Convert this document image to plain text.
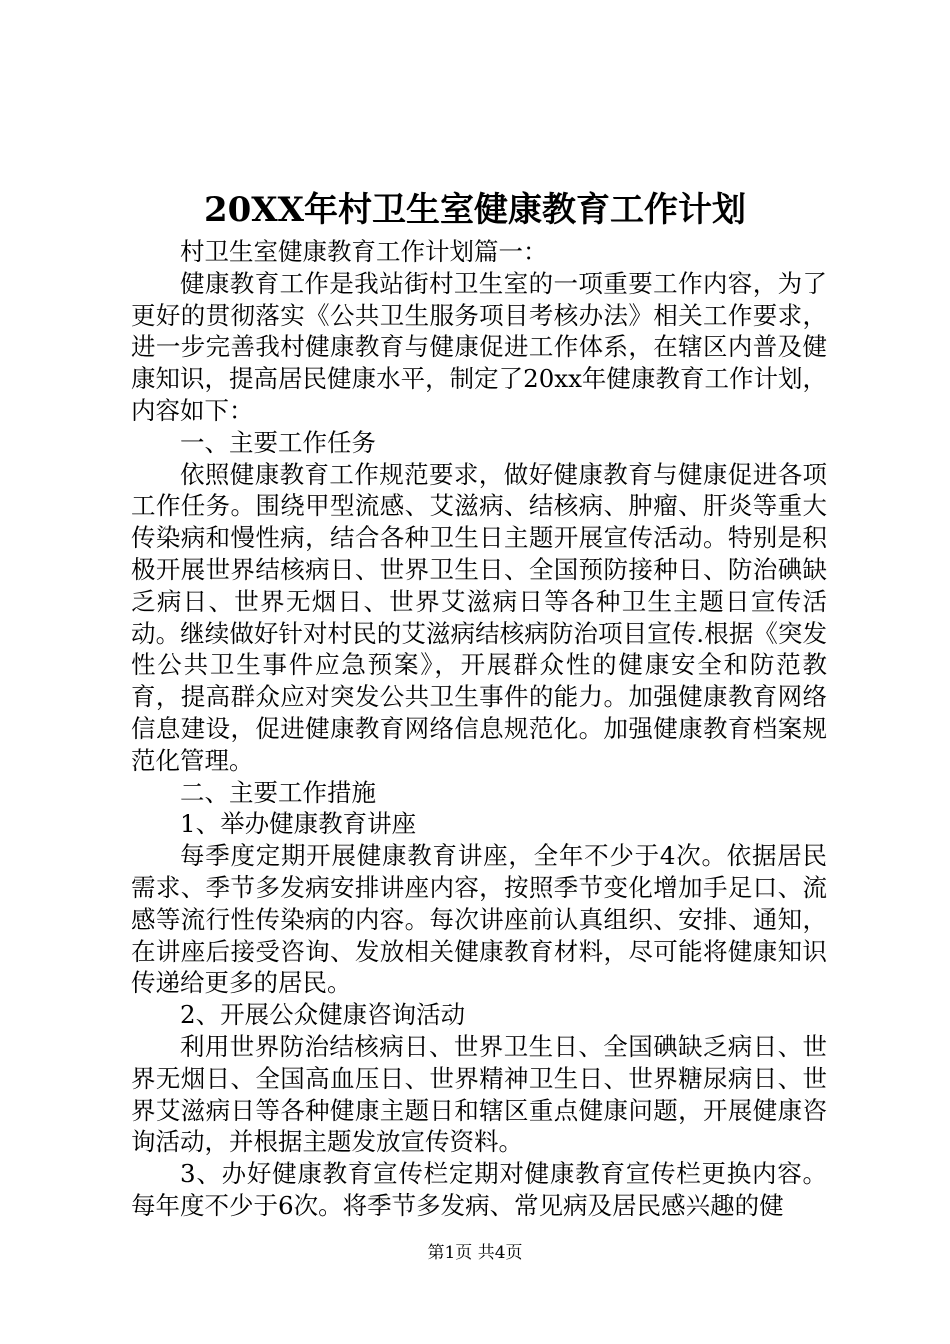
20XX年村卫生室健康教育工作计划

村卫生室健康教育工作计划篇一：

健康教育工作是我站街村卫生室的一项重要工作内容，为了更好的贯彻落实《公共卫生服务项目考核办法》相关工作要求，进一步完善我村健康教育与健康促进工作体系，在辖区内普及健康知识，提高居民健康水平，制定了20xx年健康教育工作计划，内容如下：

一、主要工作任务

依照健康教育工作规范要求，做好健康教育与健康促进各项工作任务。围绕甲型流感、艾滋病、结核病、肿瘤、肝炎等重大传染病和慢性病，结合各种卫生日主题开展宣传活动。特别是积极开展世界结核病日、世界卫生日、全国预防接种日、防治碘缺乏病日、世界无烟日、世界艾滋病日等各种卫生主题日宣传活动。继续做好针对村民的艾滋病结核病防治项目宣传.根据《突发性公共卫生事件应急预案》，开展群众性的健康安全和防范教育，提高群众应对突发公共卫生事件的能力。加强健康教育网络信息建设，促进健康教育网络信息规范化。加强健康教育档案规范化管理。

二、主要工作措施

1、举办健康教育讲座

每季度定期开展健康教育讲座，全年不少于4次。依据居民需求、季节多发病安排讲座内容，按照季节变化增加手足口、流感等流行性传染病的内容。每次讲座前认真组织、安排、通知，在讲座后接受咨询、发放相关健康教育材料，尽可能将健康知识传递给更多的居民。

2、开展公众健康咨询活动

利用世界防治结核病日、世界卫生日、全国碘缺乏病日、世界无烟日、全国高血压日、世界精神卫生日、世界糖尿病日、世界艾滋病日等各种健康主题日和辖区重点健康问题，开展健康咨询活动，并根据主题发放宣传资料。

3、办好健康教育宣传栏定期对健康教育宣传栏更换内容。每年度不少于6次。将季节多发病、常见病及居民感兴趣的健

第1页 共4页
